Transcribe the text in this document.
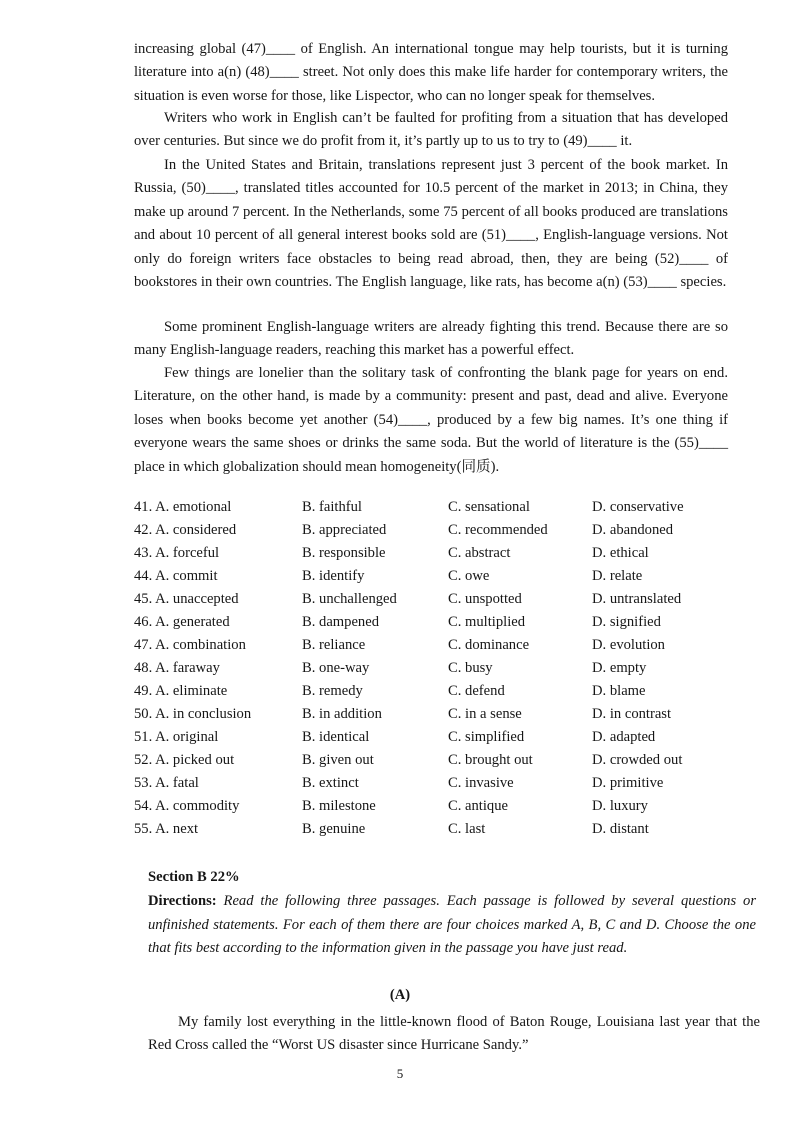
increasing global (47)____ of English. An international tongue may help tourists, but it is turning literature into a(n) (48)____ street. Not only does this make life harder for contemporary writers, the situation is even worse for those, like Lispector, who can no longer speak for themselves.

Writers who work in English can’t be faulted for profiting from a situation that has developed over centuries. But since we do profit from it, it’s partly up to us to try to (49)____ it.

In the United States and Britain, translations represent just 3 percent of the book market. In Russia, (50)____, translated titles accounted for 10.5 percent of the market in 2013; in China, they make up around 7 percent. In the Netherlands, some 75 percent of all books produced are translations and about 10 percent of all general interest books sold are (51)____, English-language versions. Not only do foreign writers face obstacles to being read abroad, then, they are being (52)____ of bookstores in their own countries. The English language, like rats, has become a(n) (53)____ species.

Some prominent English-language writers are already fighting this trend. Because there are so many English-language readers, reaching this market has a powerful effect.

Few things are lonelier than the solitary task of confronting the blank page for years on end. Literature, on the other hand, is made by a community: present and past, dead and alive. Everyone loses when books become yet another (54)____, produced by a few big names. It’s one thing if everyone wears the same shoes or drinks the same soda. But the world of literature is the (55)____ place in which globalization should mean homogeneity(同质).

41. A. emotional	B. faithful	C. sensational	D. conservative
42. A. considered	B. appreciated	C. recommended	D. abandoned
43. A. forceful	B. responsible	C. abstract	D. ethical
44. A. commit	B. identify	C. owe	D. relate
45. A. unaccepted	B. unchallenged	C. unspotted	D. untranslated
46. A. generated	B. dampened	C. multiplied	D. signified
47. A. combination	B. reliance	C. dominance	D. evolution
48. A. faraway	B. one-way	C. busy	D. empty
49. A. eliminate	B. remedy	C. defend	D. blame
50. A. in conclusion	B. in addition	C. in a sense	D. in contrast
51. A. original	B. identical	C. simplified	D. adapted
52. A. picked out	B. given out	C. brought out	D. crowded out
53. A. fatal	B. extinct	C. invasive	D. primitive
54. A. commodity	B. milestone	C. antique	D. luxury
55. A. next	B. genuine	C. last	D. distant
Section B 22%

Directions: Read the following three passages. Each passage is followed by several questions or unfinished statements. For each of them there are four choices marked A, B, C and D. Choose the one that fits best according to the information given in the passage you have just read.

(A)

My family lost everything in the little-known flood of Baton Rouge, Louisiana last year that the Red Cross called the “Worst US disaster since Hurricane Sandy.”

5
